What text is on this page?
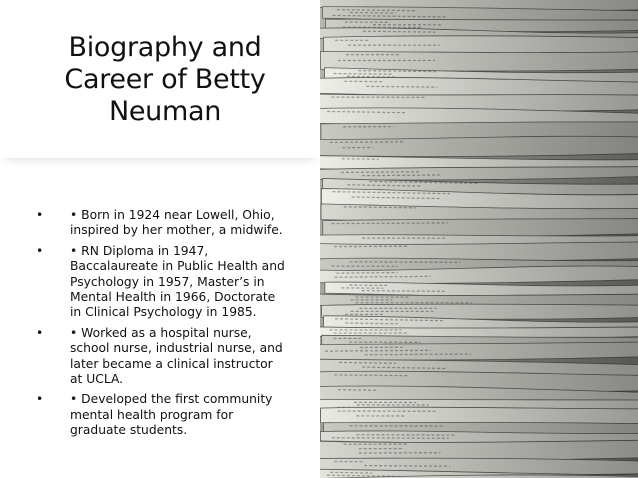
Biography and Career of Betty Neuman
• • Born in 1924 near Lowell, Ohio, inspired by her mother, a midwife.
• • RN Diploma in 1947, Baccalaureate in Public Health and Psychology in 1957, Master’s in Mental Health in 1966, Doctorate in Clinical Psychology in 1985.
• • Worked as a hospital nurse, school nurse, industrial nurse, and later became a clinical instructor at UCLA.
• • Developed the first community mental health program for graduate students.
